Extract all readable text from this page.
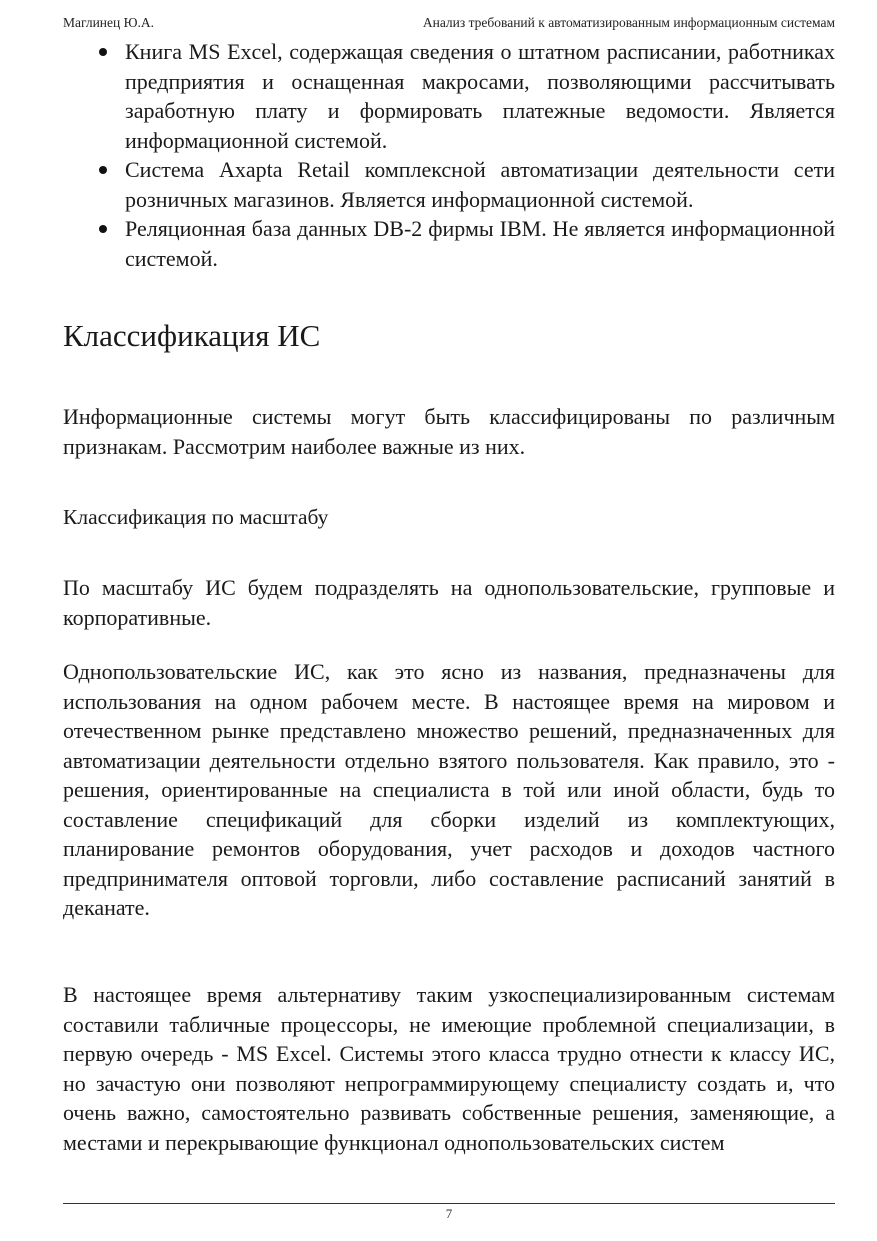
Маглинец Ю.А.	Анализ требований к автоматизированным информационным системам
Книга MS Excel, содержащая сведения о штатном расписании, работниках предприятия и оснащенная макросами, позволяющими рассчитывать заработную плату и формировать платежные ведомости. Является информационной системой.
Система Axapta Retail комплексной автоматизации деятельности сети розничных магазинов. Является информационной системой.
Реляционная база данных DB-2 фирмы IBM. Не является информационной системой.
Классификация ИС

Информационные системы могут быть классифицированы по различным признакам. Рассмотрим наиболее важные из них.

Классификация по масштабу

По масштабу ИС будем подразделять на однопользовательские, групповые и корпоративные.

Однопользовательские ИС, как это ясно из названия, предназначены для использования на одном рабочем месте. В настоящее время на мировом и отечественном рынке представлено множество решений, предназначенных для автоматизации деятельности отдельно взятого пользователя. Как правило, это - решения, ориентированные на специалиста в той или иной области, будь то составление спецификаций для сборки изделий из комплектующих, планирование ремонтов оборудования, учет расходов и доходов частного предпринимателя оптовой торговли, либо составление расписаний занятий в деканате.

В настоящее время альтернативу таким узкоспециализированным системам составили табличные процессоры, не имеющие проблемной специализации, в первую очередь - MS Excel. Системы этого класса трудно отнести к классу ИС, но зачастую они позволяют непрограммирующему специалисту создать и, что очень важно, самостоятельно развивать собственные решения, заменяющие, а местами и перекрывающие функционал однопользовательских систем

7
